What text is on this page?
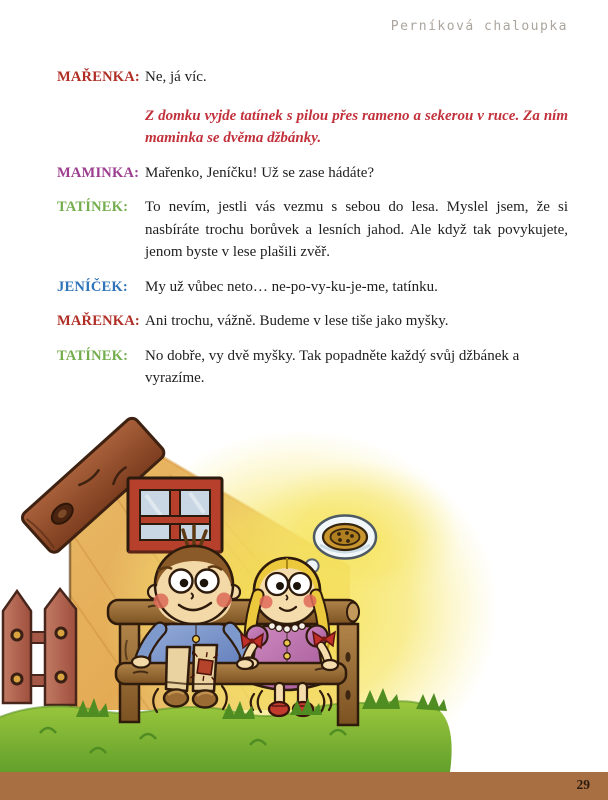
Perníková chaloupka
MAŘENKA: Ne, já víc.
Z domku vyjde tatínek s pilou přes rameno a sekerou v ruce. Za ním maminka se dvěma džbánky.
MAMINKA: Mařenko, Jeníčku! Už se zase hádáte?
TATÍNEK:	To nevím, jestli vás vezmu s sebou do lesa. Myslel jsem, že si nasbíráte trochu borůvek a lesních jahod. Ale když tak povykujete, jenom byste v lese plašili zvěř.
JENÍČEK:	My už vůbec neto… ne-po-vy-ku-je-me, tatínku.
MAŘENKA: Ani trochu, vážně. Budeme v lese tiše jako myšky.
TATÍNEK:	No dobře, vy dvě myšky. Tak popadněte každý svůj džbánek a vyrazíme.
29
